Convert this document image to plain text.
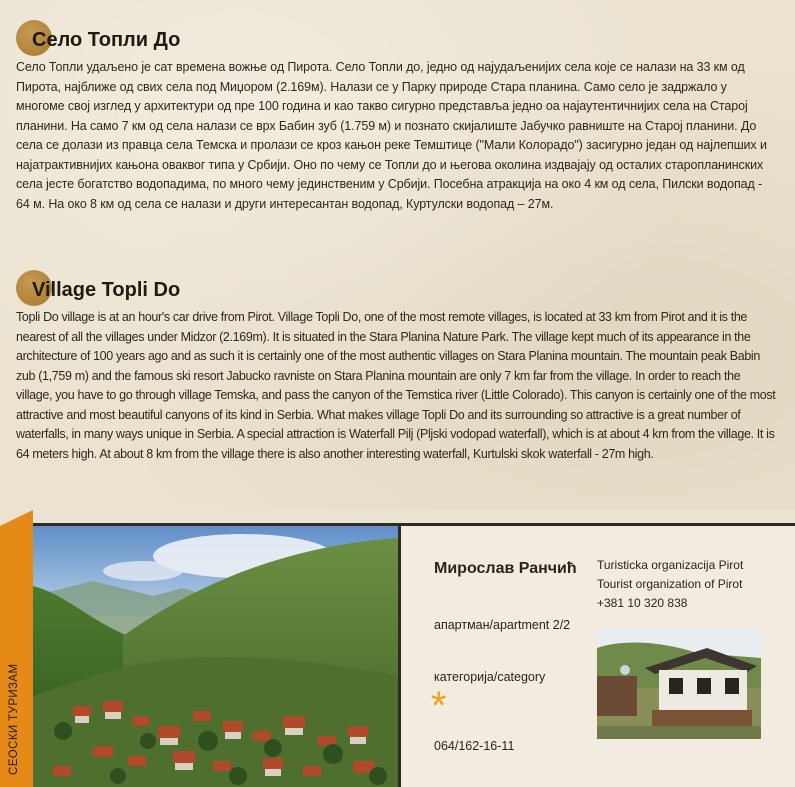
Село Топли До

Село Топли удаљено је сат времена вожње од Пирота. Село Топли до, једно од најудаљенијих села које се налази на 33 км од Пирота, најближе од свих села под Миџором (2.169м). Налази се у Парку природе Стара планина. Само село је задржало у многоме свој изглед у архитектури од пре 100 година и као такво сигурно представља једно оа најаутентичнијих села на Старој планини. На само 7 км од села налази се врх Бабин зуб (1.759 м) и познато скијалиште Јабучко равниште на Старој планини. До села се долази из правца села Темска и пролази се кроз кањон реке Темштице ("Мали Колорадо") засигурно један од најлепших и најатрактивнијих кањона оваквог типа у Србији. Оно по чему се Топли до и његова околина издвајају од осталих старопланинских села јесте богатство водопадима, по много чему јединственим у Србији. Посебна атракција на око 4 км од села, Пилски водопад - 64 м. На око 8 км од села се налази и други интересантан водопад, Куртулски водопад – 27м.

Village Topli Do

Topli Do village is at an hour's car drive from Pirot. Village Topli Do, one of the most remote villages, is located at 33 km from Pirot and it is the nearest of all the villages under Midzor (2.169m). It is situated in the Stara Planina Nature Park. The village kept much of its appearance in the architecture of 100 years ago and as such it is certainly one of the most authentic villages on Stara Planina mountain. The mountain peak Babin zub (1,759 m) and the famous ski resort Jabucko ravniste on Stara Planina mountain are only 7 km far from the village. In order to reach the village, you have to go through village Temska, and pass the canyon of the Temstica river (Little Colorado). This canyon is certainly one of the most attractive and most beautiful canyons of its kind in Serbia. What makes village Topli Do and its surrounding so attractive is a great number of waterfalls, in many ways unique in Serbia. A special attraction is Waterfall Pilj (Pljski vodopad waterfall), which is at about 4 km from the village. It is 64 meters high. At about 8 km from the village there is also another interesting waterfall, Kurtulski skok waterfall - 27m high.

СЕОСКИ ТУРИЗАМ
Мирослав Ранчић
апартман/apartment 2/2
категорија/category
*
064/162-16-11
Turisticka organizacija Pirot
Tourist organization of Pirot
+381 10 320 838
